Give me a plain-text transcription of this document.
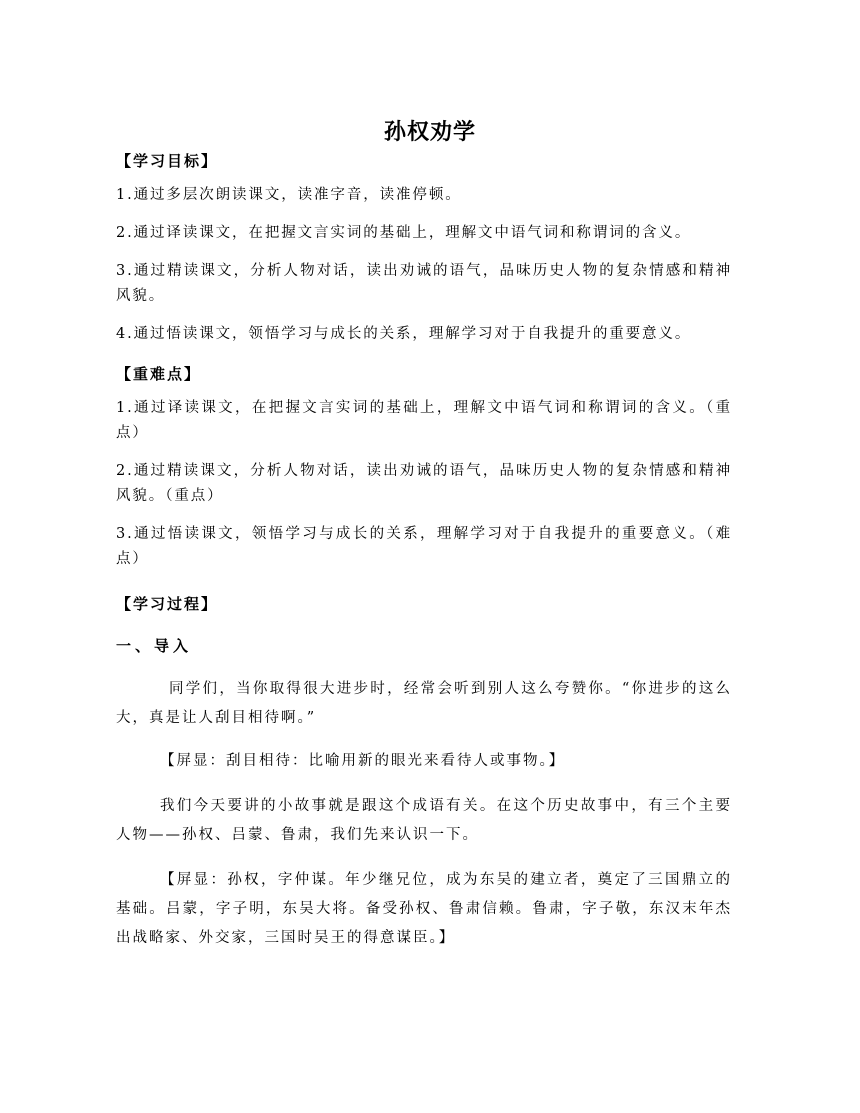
孙权劝学

【学习目标】

1.通过多层次朗读课文，读准字音，读准停顿。

2.通过译读课文，在把握文言实词的基础上，理解文中语气词和称谓词的含义。

3.通过精读课文，分析人物对话，读出劝诫的语气，品味历史人物的复杂情感和精神风貌。

4.通过悟读课文，领悟学习与成长的关系，理解学习对于自我提升的重要意义。

【重难点】

1.通过译读课文，在把握文言实词的基础上，理解文中语气词和称谓词的含义。（重点）

2.通过精读课文，分析人物对话，读出劝诫的语气，品味历史人物的复杂情感和精神风貌。（重点）

3.通过悟读课文，领悟学习与成长的关系，理解学习对于自我提升的重要意义。（难点）

【学习过程】

一、导入

同学们，当你取得很大进步时，经常会听到别人这么夸赞你。“你进步的这么大，真是让人刮目相待啊。”

【屏显：刮目相待：比喻用新的眼光来看待人或事物。】

我们今天要讲的小故事就是跟这个成语有关。在这个历史故事中，有三个主要人物——孙权、吕蒙、鲁肃，我们先来认识一下。

【屏显：孙权，字仲谋。年少继兄位，成为东吴的建立者，奠定了三国鼎立的基础。吕蒙，字子明，东吴大将。备受孙权、鲁肃信赖。鲁肃，字子敬，东汉末年杰出战略家、外交家，三国时吴王的得意谋臣。】
